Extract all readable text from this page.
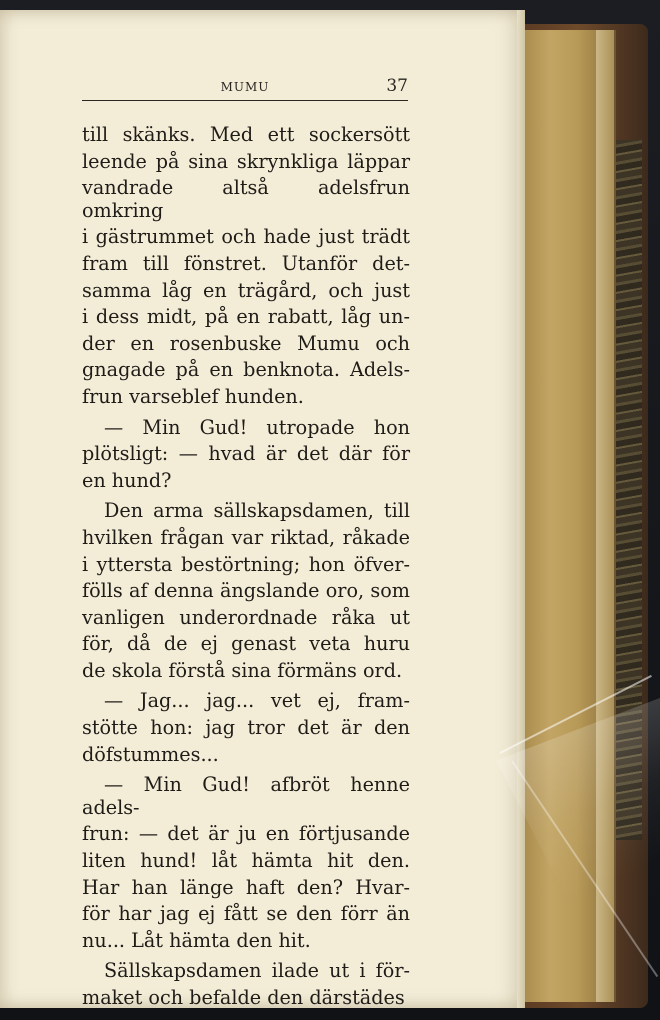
MUMU	37

till skänks. Med ett sockersött

leende på sina skrynkliga läppar

vandrade altså adelsfrun omkring

i gästrummet och hade just trädt

fram till fönstret. Utanför det-

samma låg en trägård, och just

i dess midt, på en rabatt, låg un-

der en rosenbuske Mumu och

gnagade på en benknota. Adels-

frun varseblef hunden.

— Min Gud! utropade hon

plötsligt: — hvad är det där för

en hund?

Den arma sällskapsdamen, till

hvilken frågan var riktad, råkade

i yttersta bestörtning; hon öfver-

fölls af denna ängslande oro, som

vanligen underordnade råka ut

för, då de ej genast veta huru

de skola förstå sina förmäns ord.

— Jag... jag... vet ej, fram-

stötte hon: jag tror det är den

döfstummes...

— Min Gud! afbröt henne adels-

frun: — det är ju en förtjusande

liten hund! låt hämta hit den.

Har han länge haft den? Hvar-

för har jag ej fått se den förr än

nu... Låt hämta den hit.

Sällskapsdamen ilade ut i för-

maket och befalde den därstädes
